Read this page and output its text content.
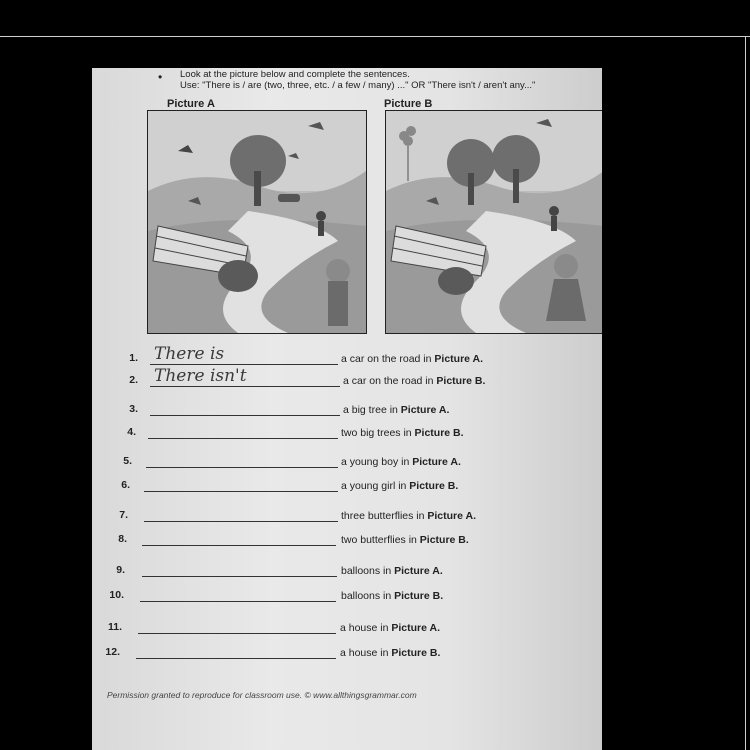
• Look at the picture below and complete the sentences.
Use: "There is / are (two, three, etc. / a few / many) ..." OR "There isn't / aren't any..."
Picture A	Picture B
1. There is	a car on the road in Picture A.
2. There isn't	a car on the road in Picture B.
3.	a big tree in Picture A.
4.	two big trees in Picture B.
5.	a young boy in Picture A.
6.	a young girl in Picture B.
7.	three butterflies in Picture A.
8.	two butterflies in Picture B.
9.	balloons in Picture A.
10.	balloons in Picture B.
11.	a house in Picture A.
12.	a house in Picture B.
Permission granted to reproduce for classroom use. © www.allthingsgrammar.com
